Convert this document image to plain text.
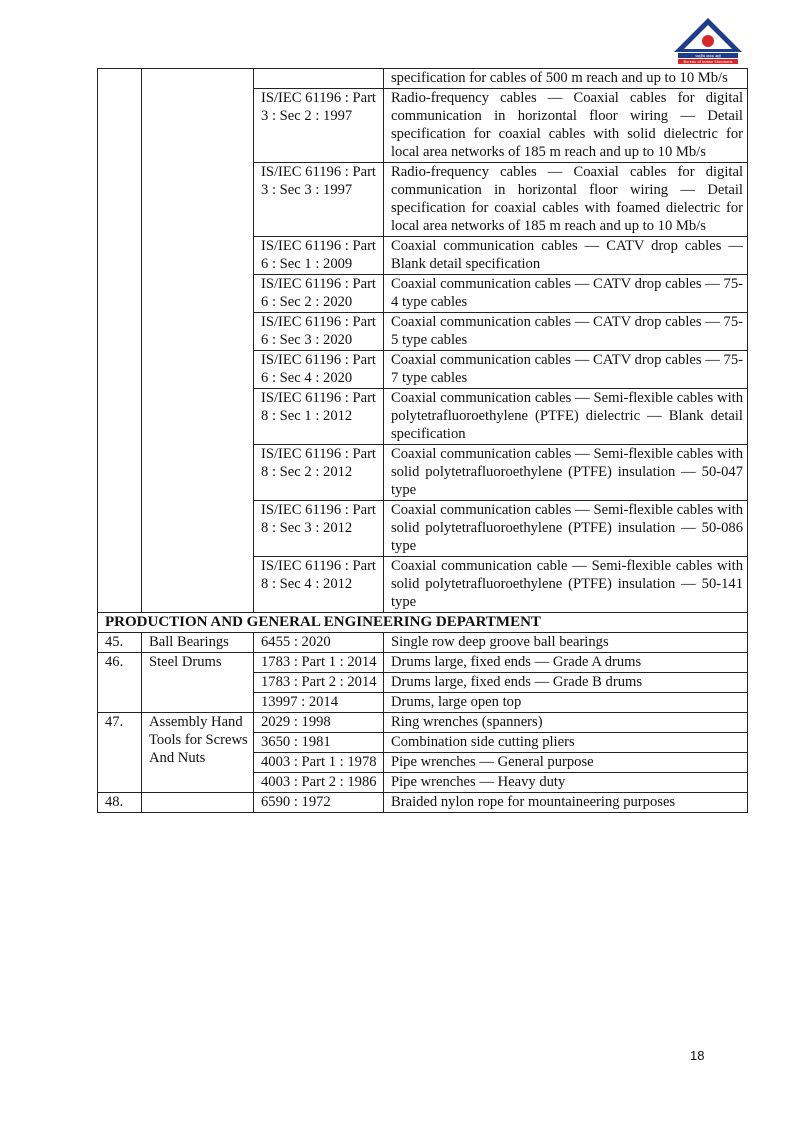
भारतीय मानक ब्यूरो
Bureau of Indian Standards
			specification for cables of 500 m reach and up to 10 Mb/s
		IS/IEC 61196 : Part 3 : Sec 2 : 1997	Radio-frequency cables — Coaxial cables for digital communication in horizontal floor wiring — Detail specification for coaxial cables with solid dielectric for local area networks of 185 m reach and up to 10 Mb/s
		IS/IEC 61196 : Part 3 : Sec 3 : 1997	Radio-frequency cables — Coaxial cables for digital communication in horizontal floor wiring — Detail specification for coaxial cables with foamed dielectric for local area networks of 185 m reach and up to 10 Mb/s
		IS/IEC 61196 : Part 6 : Sec 1 : 2009	Coaxial communication cables — CATV drop cables — Blank detail specification
		IS/IEC 61196 : Part 6 : Sec 2 : 2020	Coaxial communication cables — CATV drop cables — 75-4 type cables
		IS/IEC 61196 : Part 6 : Sec 3 : 2020	Coaxial communication cables — CATV drop cables — 75-5 type cables
		IS/IEC 61196 : Part 6 : Sec 4 : 2020	Coaxial communication cables — CATV drop cables — 75-7 type cables
		IS/IEC 61196 : Part 8 : Sec 1 : 2012	Coaxial communication cables — Semi-flexible cables with polytetrafluoroethylene (PTFE) dielectric — Blank detail specification
		IS/IEC 61196 : Part 8 : Sec 2 : 2012	Coaxial communication cables — Semi-flexible cables with solid polytetrafluoroethylene (PTFE) insulation — 50-047 type
		IS/IEC 61196 : Part 8 : Sec 3 : 2012	Coaxial communication cables — Semi-flexible cables with solid polytetrafluoroethylene (PTFE) insulation — 50-086 type
		IS/IEC 61196 : Part 8 : Sec 4 : 2012	Coaxial communication cable — Semi-flexible cables with solid polytetrafluoroethylene (PTFE) insulation — 50-141 type
PRODUCTION AND GENERAL ENGINEERING DEPARTMENT			
45.	Ball Bearings	6455 : 2020	Single row deep groove ball bearings
46.	Steel Drums	1783 : Part 1 : 2014	Drums large, fixed ends — Grade A drums
		1783 : Part 2 : 2014	Drums large, fixed ends — Grade B drums
		13997 : 2014	Drums, large open top
47.	Assembly Hand Tools for Screws And Nuts	2029 : 1998	Ring wrenches (spanners)
		3650 : 1981	Combination side cutting pliers
		4003 : Part 1 : 1978	Pipe wrenches — General purpose
		4003 : Part 2 : 1986	Pipe wrenches — Heavy duty
48.		6590 : 1972	Braided nylon rope for mountaineering purposes
18
